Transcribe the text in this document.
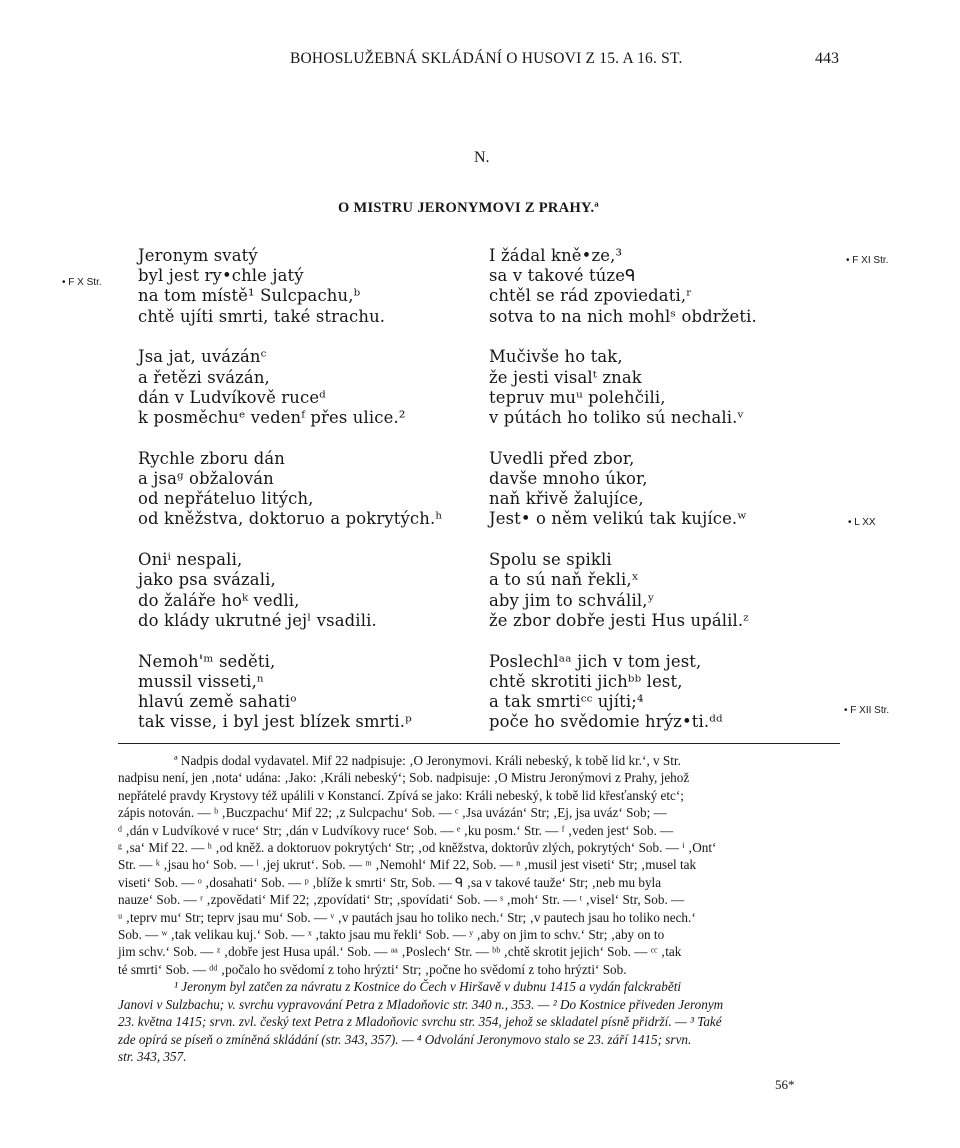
BOHOSLUŽEBNÁ SKLÁDÁNÍ O HUSOVI Z 15. A 16. ST.	443
N.
O MISTRU JERONYMOVI Z PRAHY.ª
• F X Str.
• F XI Str.
• L XX
• F XII Str.
Jeronym svatý
byl jest ry•chle jatý
na tom místě¹ Sulcpachu,ᵇ
chtě ujíti smrti, také strachu.
Jsa jat, uvázánᶜ
a řetězi svázán,
dán v Ludvíkově ruceᵈ
k posměchuᵉ vedenᶠ přes ulice.²
Rychle zboru dán
a jsaᵍ obžalován
od nepřáteluo litých,
od kněžstva, doktoruo a pokrytých.ʰ
Oniⁱ nespali,
jako psa svázali,
do žaláře hoᵏ vedli,
do klády ukrutné jejˡ vsadili.
Nemoh'ᵐ seděti,
mussil visseti,ⁿ
hlavú země sahatiᵒ
tak visse, i byl jest blízek smrti.ᵖ
I žádal kně•ze,³
sa v takové túzeᑫ
chtěl se rád zpoviedati,ʳ
sotva to na nich mohlˢ obdržeti.
Mučivše ho tak,
že jesti visalᵗ znak
tepruv muᵘ polehčili,
v pútách ho toliko sú nechali.ᵛ
Uvedli před zbor,
davše mnoho úkor,
naň křivě žalujíce,
Jest• o něm velikú tak kujíce.ʷ
Spolu se spikli
a to sú naň řekli,ˣ
aby jim to schválil,ʸ
že zbor dobře jesti Hus upálil.ᶻ
Poslechlᵃᵃ jich v tom jest,
chtě skrotiti jichᵇᵇ lest,
a tak smrtiᶜᶜ ujíti;⁴
poče ho svědomie hrýz•ti.ᵈᵈ
ª Nadpis dodal vydavatel. Mif 22 nadpisuje: ‚O Jeronymovi. Králi nebeský, k tobě lid kr.‘, v Str.
nadpisu není, jen ‚nota‘ udána: ‚Jako: ‚Králi nebeský‘; Sob. nadpisuje: ‚O Mistru Jeronýmovi z Prahy, jehož
nepřátelé pravdy Krystovy též upálili v Konstancí. Zpívá se jako: Králi nebeský, k tobě lid křesťanský etc‘;
zápis notován. — ᵇ ‚Buczpachu‘ Mif 22; ‚z Sulcpachu‘ Sob. — ᶜ ‚Jsa uvázán‘ Str; ‚Ej, jsa uváz‘ Sob; —
ᵈ ‚dán v Ludvíkové v ruce‘ Str; ‚dán v Ludvíkovy ruce‘ Sob. — ᵉ ‚ku posm.‘ Str. — ᶠ ‚veden jest‘ Sob. —
ᵍ ‚sa‘ Mif 22. — ʰ ‚od kněž. a doktoruov pokrytých‘ Str; ‚od kněžstva, doktorův zlých, pokrytých‘ Sob. — ⁱ ‚Ont‘
Str. — ᵏ ‚jsau ho‘ Sob. — ˡ ‚jej ukrut‘. Sob. — ᵐ ‚Nemohl‘ Mif 22, Sob. — ⁿ ‚musil jest viseti‘ Str; ‚musel tak
viseti‘ Sob. — ᵒ ‚dosahati‘ Sob. — ᵖ ‚blíže k smrti‘ Str, Sob. — ᑫ ‚sa v takové tauže‘ Str; ‚neb mu byla
nauze‘ Sob. — ʳ ‚zpovědati‘ Mif 22; ‚zpovídati‘ Str; ‚spovídati‘ Sob. — ˢ ‚moh‘ Str. — ᵗ ‚visel‘ Str, Sob. —
ᵘ ‚teprv mu‘ Str; teprv jsau mu‘ Sob. — ᵛ ‚v pautách jsau ho toliko nech.‘ Str; ‚v pautech jsau ho toliko nech.‘
Sob. — ʷ ‚tak velikau kuj.‘ Sob. — ˣ ‚takto jsau mu řekli‘ Sob. — ʸ ‚aby on jim to schv.‘ Str; ‚aby on to
jim schv.‘ Sob. — ᶻ ‚dobře jest Husa upál.‘ Sob. — ᵃᵃ ‚Poslech‘ Str. — ᵇᵇ ‚chtě skrotit jejich‘ Sob. — ᶜᶜ ‚tak
té smrti‘ Sob. — ᵈᵈ ‚počalo ho svědomí z toho hrýzti‘ Str; ‚počne ho svědomí z toho hrýzti‘ Sob.
¹ Jeronym byl zatčen za návratu z Kostnice do Čech v Hiršavě v dubnu 1415 a vydán falckraběti
Janovi v Sulzbachu; v. svrchu vypravování Petra z Mladoňovic str. 340 n., 353. — ² Do Kostnice přiveden Jeronym
23. května 1415; srvn. zvl. český text Petra z Mladoňovic svrchu str. 354, jehož se skladatel písně přidrží. — ³ Také
zde opírá se píseň o zmíněná skládání (str. 343, 357). — ⁴ Odvolání Jeronymovo stalo se 23. září 1415; srvn.
str. 343, 357.
56*
